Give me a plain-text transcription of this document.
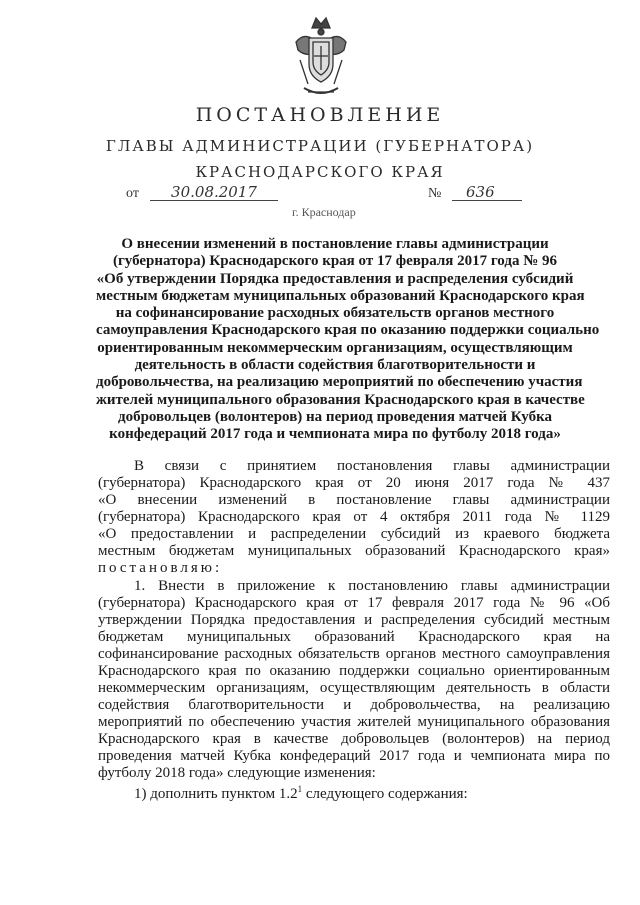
ПОСТАНОВЛЕНИЕ
ГЛАВЫ АДМИНИСТРАЦИИ (ГУБЕРНАТОРА)
КРАСНОДАРСКОГО КРАЯ
от	30.08.2017	№	636
г. Краснодар
О внесении изменений в постановление главы администрации
(губернатора) Краснодарского края от 17 февраля 2017 года № 96
«Об утверждении Порядка предоставления и распределения субсидий
местным бюджетам муниципальных образований Краснодарского края
на софинансирование расходных обязательств органов местного
самоуправления Краснодарского края по оказанию поддержки социально
ориентированным некоммерческим организациям, осуществляющим
деятельность в области содействия благотворительности и
добровольчества, на реализацию мероприятий по обеспечению участия
жителей муниципального образования Краснодарского края в качестве
добровольцев (волонтеров) на период проведения матчей Кубка
конфедераций 2017 года и чемпионата мира по футболу 2018 года»
В связи с принятием постановления главы администрации
(губернатора) Краснодарского края от 20 июня 2017 года № 437
«О внесении изменений в постановление главы администрации
(губернатора) Краснодарского края от 4 октября 2011 года № 1129
«О предоставлении и распределении субсидий из краевого бюджета
местным бюджетам муниципальных образований Краснодарского края»
постановляю:
1. Внести в приложение к постановлению главы администрации
(губернатора) Краснодарского края от 17 февраля 2017 года № 96 «Об
утверждении Порядка предоставления и распределения субсидий местным
бюджетам муниципальных образований Краснодарского края на
софинансирование расходных обязательств органов местного самоуправления
Краснодарского края по оказанию поддержки социально ориентированным
некоммерческим организациям, осуществляющим деятельность в области
содействия благотворительности и добровольчества, на реализацию
мероприятий по обеспечению участия жителей муниципального образования
Краснодарского края в качестве добровольцев (волонтеров) на период
проведения матчей Кубка конфедераций 2017 года и чемпионата мира по
футболу 2018 года» следующие изменения:
1) дополнить пунктом $1.2^1$ следующего содержания:
